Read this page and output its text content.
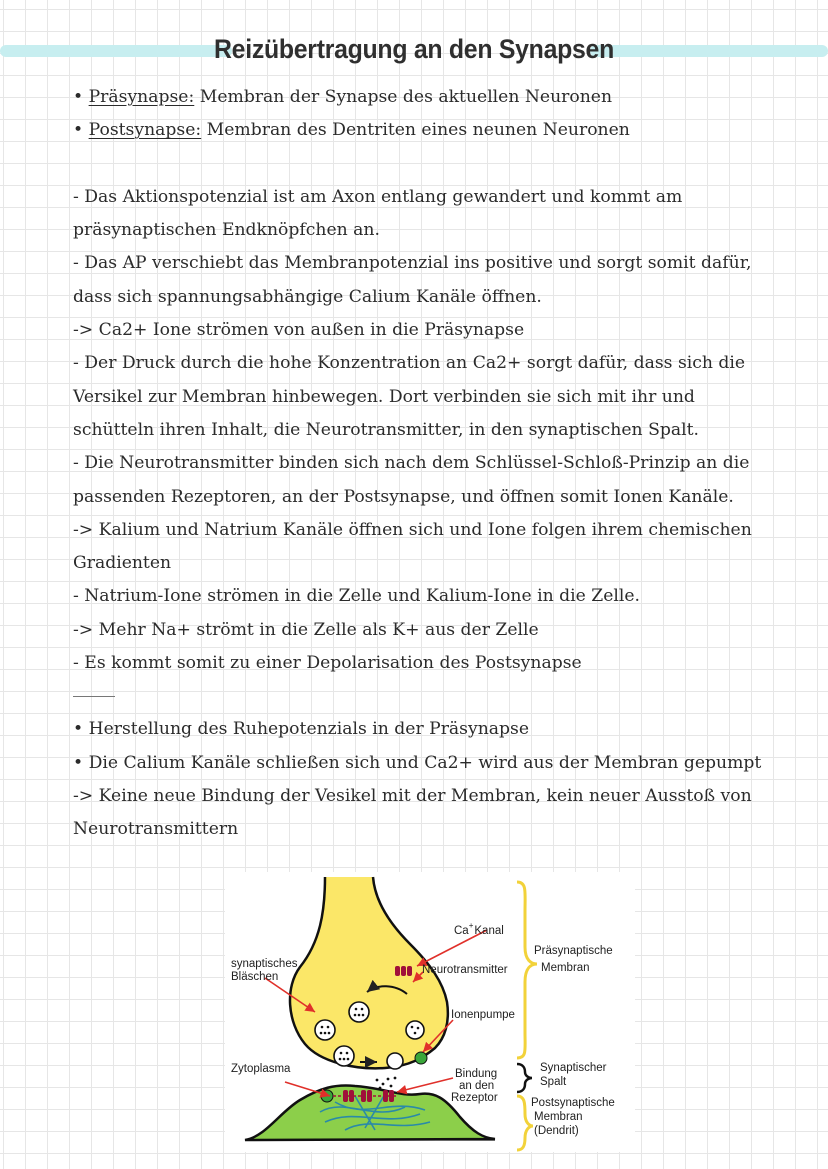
Reizübertragung an den Synapsen

• Präsynapse: Membran der Synapse des aktuellen Neuronen

• Postsynapse: Membran des Dentriten eines neunen Neuronen

- Das Aktionspotenzial ist am Axon entlang gewandert und kommt am

präsynaptischen Endknöpfchen an.

- Das AP verschiebt das Membranpotenzial ins positive und sorgt somit dafür,

dass sich spannungsabhängige Calium Kanäle öffnen.

-> Ca2+ Ione strömen von außen in die Präsynapse

- Der Druck durch die hohe Konzentration an Ca2+ sorgt dafür, dass sich die

Versikel zur Membran hinbewegen. Dort verbinden sie sich mit ihr und

schütteln ihren Inhalt, die Neurotransmitter, in den synaptischen Spalt.

- Die Neurotransmitter binden sich nach dem Schlüssel-Schloß-Prinzip an die

passenden Rezeptoren, an der Postsynapse, und öffnen somit Ionen Kanäle.

-> Kalium und Natrium Kanäle öffnen sich und Ione folgen ihrem chemischen

Gradienten

- Natrium-Ione strömen in die Zelle und Kalium-Ione in die Zelle.

-> Mehr Na+ strömt in die Zelle als K+ aus der Zelle

- Es kommt somit zu einer Depolarisation des Postsynapse

• Herstellung des Ruhepotenzials in der Präsynapse

• Die Calium Kanäle schließen sich und Ca2+ wird aus der Membran gepumpt

-> Keine neue Bindung der Vesikel mit der Membran, kein neuer Ausstoß von

Neurotransmittern

Ca+Kanal
synaptisches
Bläschen
Neurotransmitter
Ionenpumpe
Zytoplasma	Bindung
an den
Rezeptor
Präsynaptische
Membran
Synaptischer
Spalt
Postsynaptische
Membran
(Dendrit)
